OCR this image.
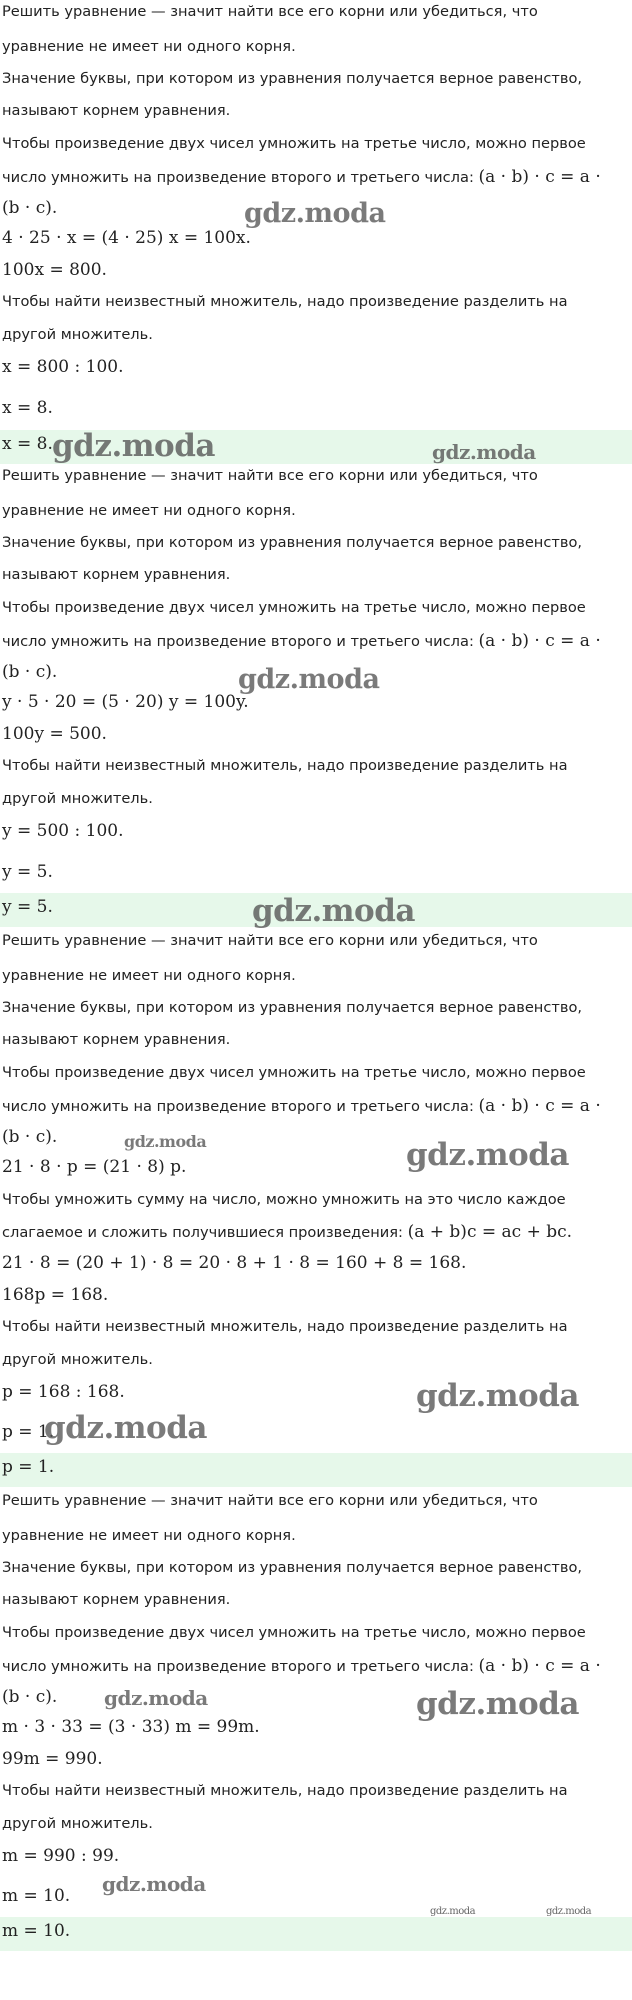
Решить уравнение — значит найти все его корни или убедиться, что
уравнение не имеет ни одного корня.
Значение буквы, при котором из уравнения получается верное равенство,
называют корнем уравнения.
Чтобы произведение двух чисел умножить на третье число, можно первое
число умножить на произведение второго и третьего числа: (a · b) · c = a ·
(b · c).
4 · 25 · x = (4 · 25) x = 100x.
100x = 800.
Чтобы найти неизвестный множитель, надо произведение разделить на
другой множитель.
x = 800 : 100.
x = 8.
x = 8.
Решить уравнение — значит найти все его корни или убедиться, что
уравнение не имеет ни одного корня.
Значение буквы, при котором из уравнения получается верное равенство,
называют корнем уравнения.
Чтобы произведение двух чисел умножить на третье число, можно первое
число умножить на произведение второго и третьего числа: (a · b) · c = a ·
(b · c).
y · 5 · 20 = (5 · 20) y = 100y.
100y = 500.
Чтобы найти неизвестный множитель, надо произведение разделить на
другой множитель.
y = 500 : 100.
y = 5.
y = 5.
Решить уравнение — значит найти все его корни или убедиться, что
уравнение не имеет ни одного корня.
Значение буквы, при котором из уравнения получается верное равенство,
называют корнем уравнения.
Чтобы произведение двух чисел умножить на третье число, можно первое
число умножить на произведение второго и третьего числа: (a · b) · c = a ·
(b · c).
21 · 8 · p = (21 · 8) p.
Чтобы умножить сумму на число, можно умножить на это число каждое
слагаемое и сложить получившиеся произведения: (a + b)c = ac + bc.
21 · 8 = (20 + 1) · 8 = 20 · 8 + 1 · 8 = 160 + 8 = 168.
168p = 168.
Чтобы найти неизвестный множитель, надо произведение разделить на
другой множитель.
p = 168 : 168.
p = 1.
p = 1.
Решить уравнение — значит найти все его корни или убедиться, что
уравнение не имеет ни одного корня.
Значение буквы, при котором из уравнения получается верное равенство,
называют корнем уравнения.
Чтобы произведение двух чисел умножить на третье число, можно первое
число умножить на произведение второго и третьего числа: (a · b) · c = a ·
(b · c).
m · 3 · 33 = (3 · 33) m = 99m.
99m = 990.
Чтобы найти неизвестный множитель, надо произведение разделить на
другой множитель.
m = 990 : 99.
m = 10.
m = 10.
gdz.moda
gdz.moda	gdz.moda
gdz.moda
gdz.moda
gdz.moda	gdz.moda
gdz.moda
gdz.moda
gdz.moda	gdz.moda
gdz.moda
gdz.moda	gdz.moda
